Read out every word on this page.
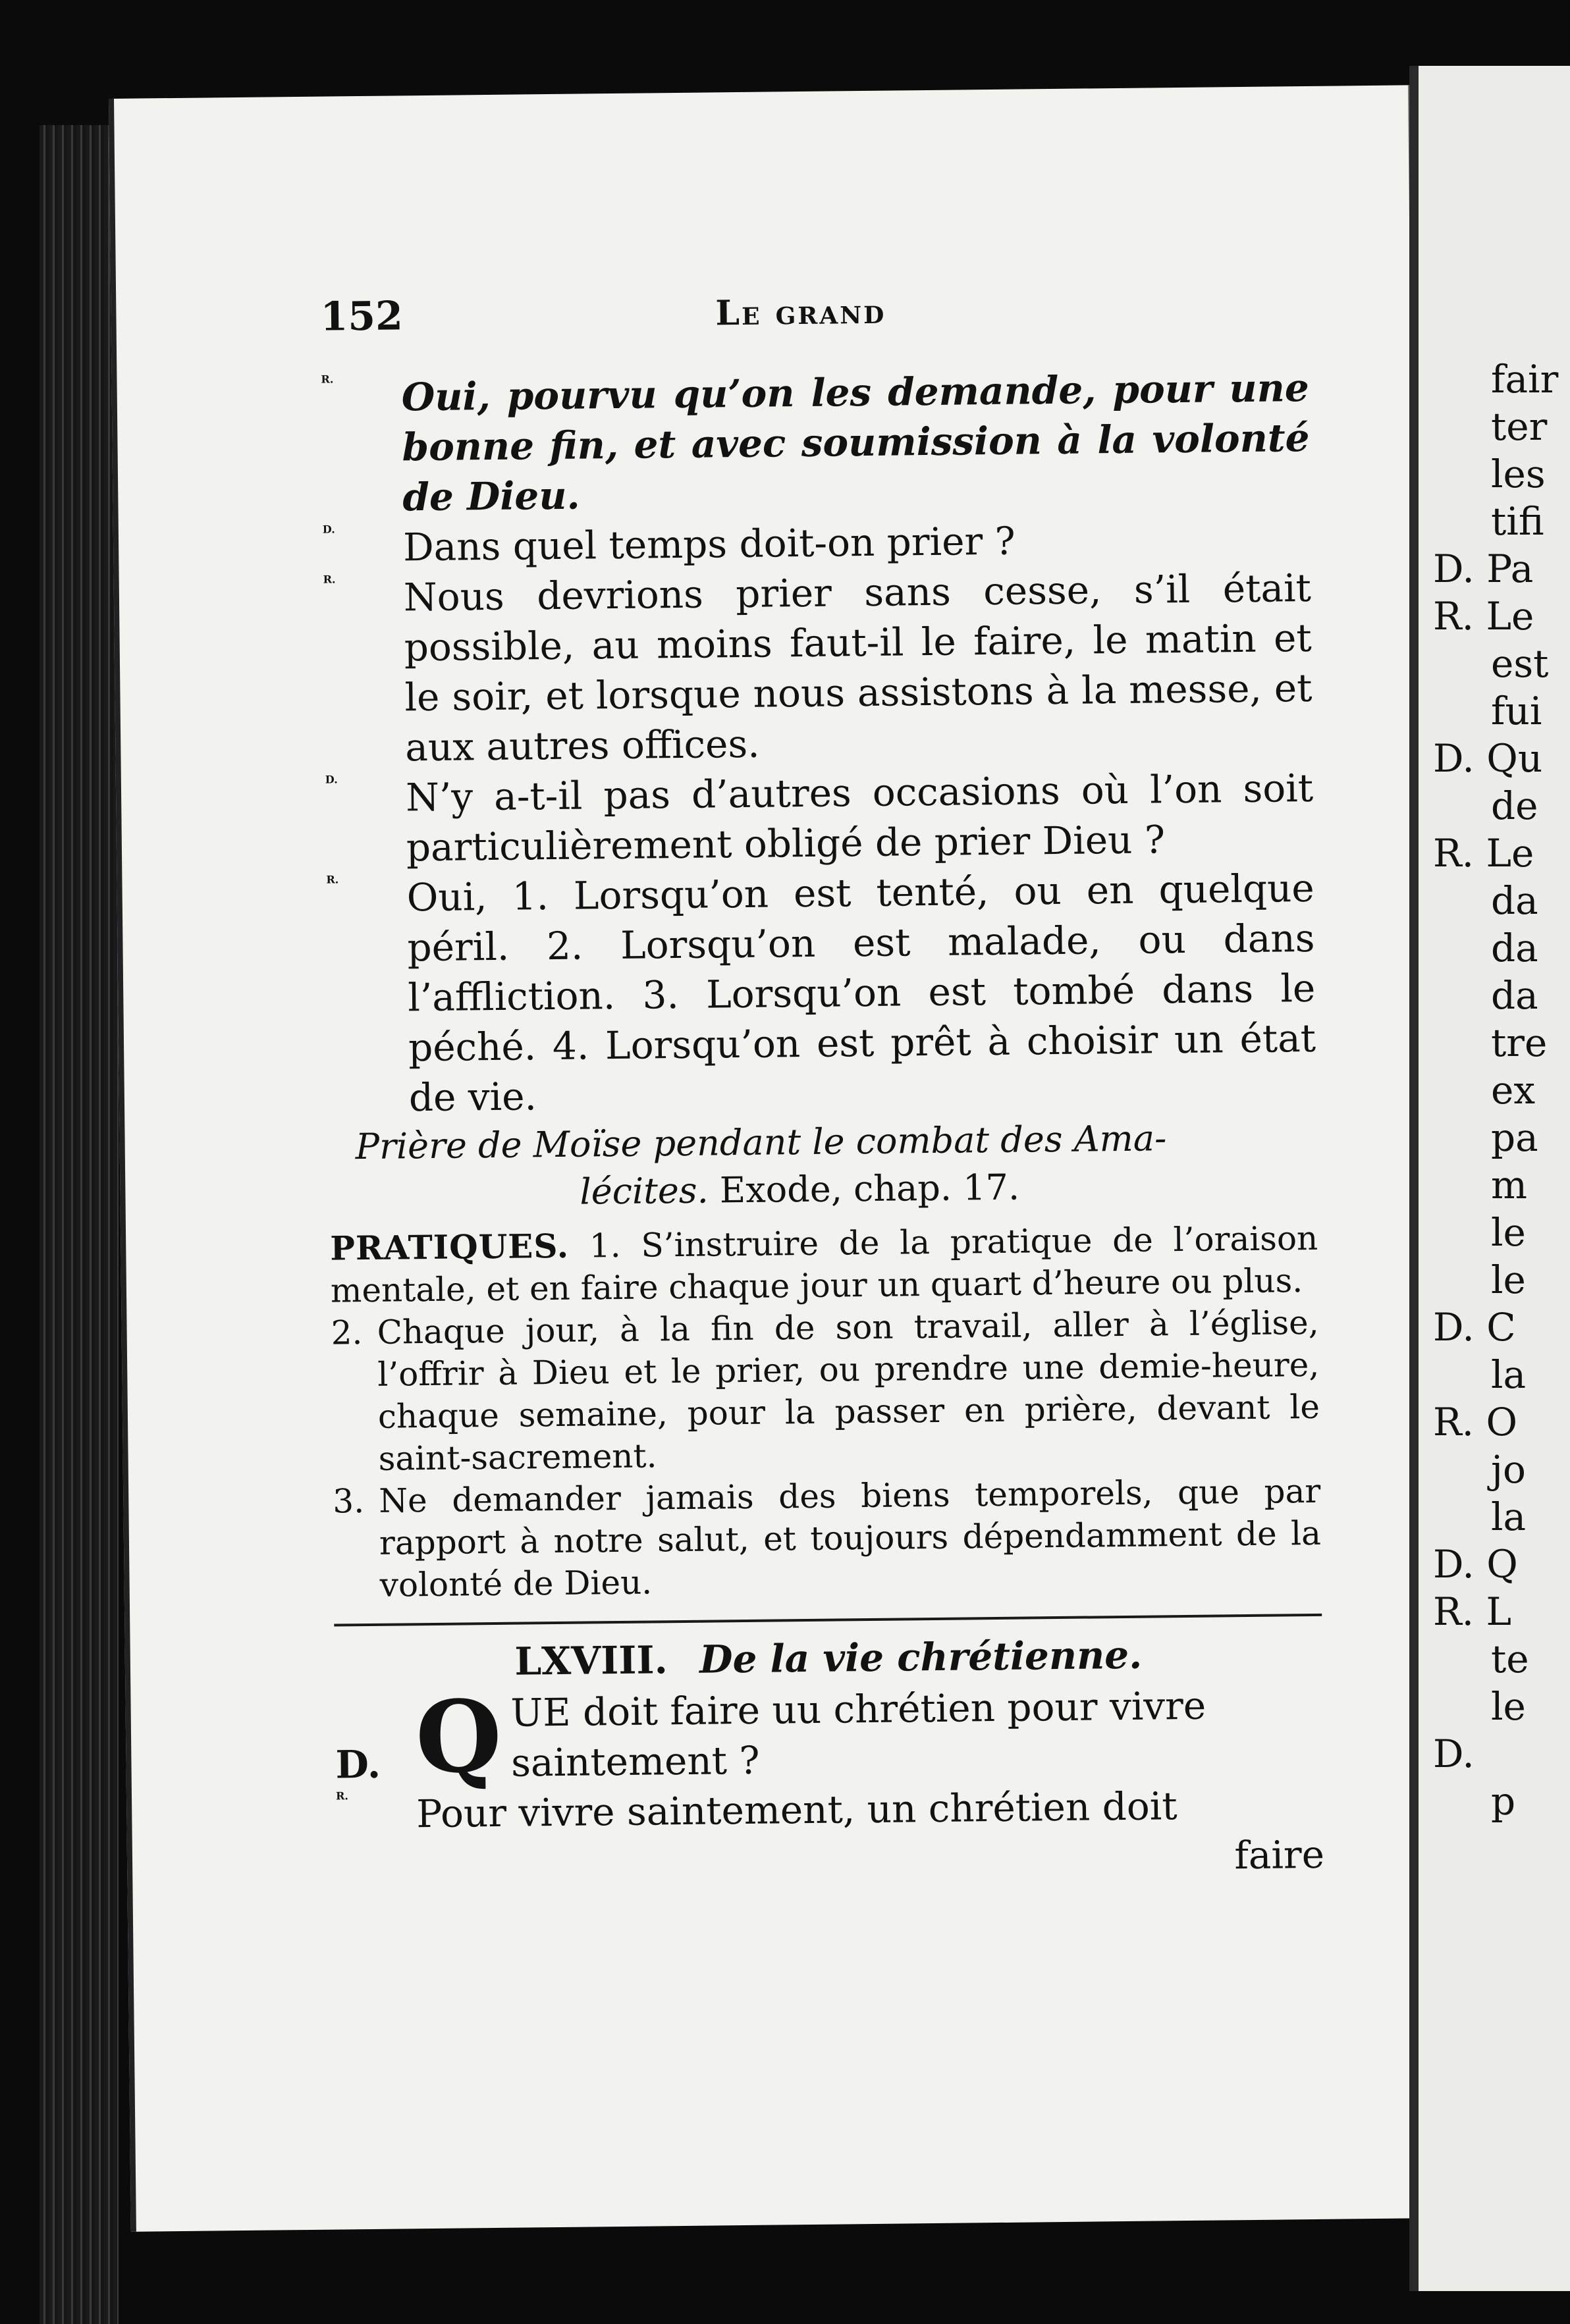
152	Le grand
R. Oui, pourvu qu’on les demande, pour une bonne fin, et avec soumission à la volonté de Dieu.
D. Dans quel temps doit-on prier ?
R. Nous devrions prier sans cesse, s’il était possible, au moins faut-il le faire, le matin et le soir, et lorsque nous assistons à la messe, et aux autres offices.
D. N’y a-t-il pas d’autres occasions où l’on soit particulièrement obligé de prier Dieu ?
R. Oui, 1. Lorsqu’on est tenté, ou en quelque péril. 2. Lorsqu’on est malade, ou dans l’affliction. 3. Lorsqu’on est tombé dans le péché. 4. Lorsqu’on est prêt à choisir un état de vie.
Prière de Moïse pendant le combat des Ama-
lécites. Exode, chap. 17.
PRATIQUES. 1. S’instruire de la pratique de l’oraison mentale, et en faire chaque jour un quart d’heure ou plus.
2. Chaque jour, à la fin de son travail, aller à l’église, l’offrir à Dieu et le prier, ou prendre une demie-heure, chaque semaine, pour la passer en prière, devant le saint-sacrement.
3. Ne demander jamais des biens temporels, que par rapport à notre salut, et toujours dépendamment de la volonté de Dieu.
LXVIII. De la vie chrétienne.
D. Q UE doit faire uu chrétien pour vivre saintement ?
R. Pour vivre saintement, un chrétien doit
faire
fair
ter
les
tifi
D. Pa
R. Le
est
fui
D. Qu
de
R. Le
da
da
da
tre
ex
pa
m
le
le
D. C
la
R. O
jo
la
D. Q
R. L
te
le
D.
p
